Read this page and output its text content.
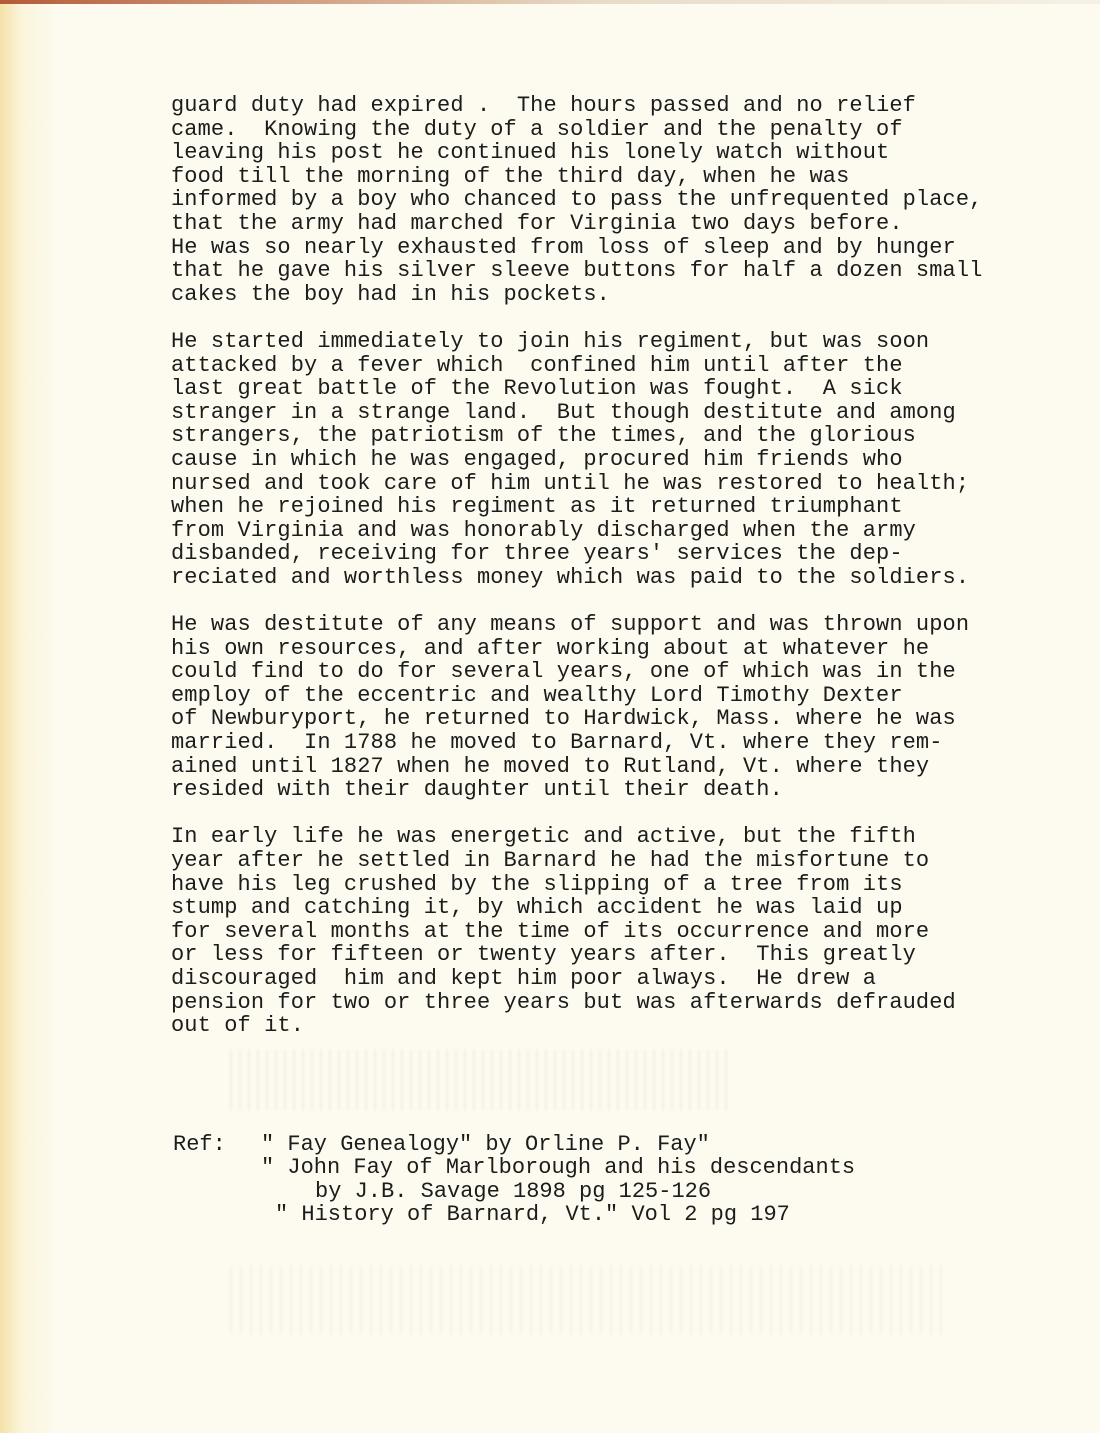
guard duty had expired .  The hours passed and no relief
came.  Knowing the duty of a soldier and the penalty of
leaving his post he continued his lonely watch without
food till the morning of the third day, when he was
informed by a boy who chanced to pass the unfrequented place,
that the army had marched for Virginia two days before.
He was so nearly exhausted from loss of sleep and by hunger
that he gave his silver sleeve buttons for half a dozen small
cakes the boy had in his pockets.
He started immediately to join his regiment, but was soon
attacked by a fever which  confined him until after the
last great battle of the Revolution was fought.  A sick
stranger in a strange land.  But though destitute and among
strangers, the patriotism of the times, and the glorious
cause in which he was engaged, procured him friends who
nursed and took care of him until he was restored to health;
when he rejoined his regiment as it returned triumphant
from Virginia and was honorably discharged when the army
disbanded, receiving for three years' services the dep-
reciated and worthless money which was paid to the soldiers.
He was destitute of any means of support and was thrown upon
his own resources, and after working about at whatever he
could find to do for several years, one of which was in the
employ of the eccentric and wealthy Lord Timothy Dexter
of Newburyport, he returned to Hardwick, Mass. where he was
married.  In 1788 he moved to Barnard, Vt. where they rem-
ained until 1827 when he moved to Rutland, Vt. where they
resided with their daughter until their death.
In early life he was energetic and active, but the fifth
year after he settled in Barnard he had the misfortune to
have his leg crushed by the slipping of a tree from its
stump and catching it, by which accident he was laid up
for several months at the time of its occurrence and more
or less for fifteen or twenty years after.  This greatly
discouraged  him and kept him poor always.  He drew a
pension for two or three years but was afterwards defrauded
out of it.
Ref: " Fay Genealogy" by Orline P. Fay"
" John Fay of Marlborough and his descendants
by J.B. Savage 1898 pg 125-126
" History of Barnard, Vt." Vol 2 pg 197
